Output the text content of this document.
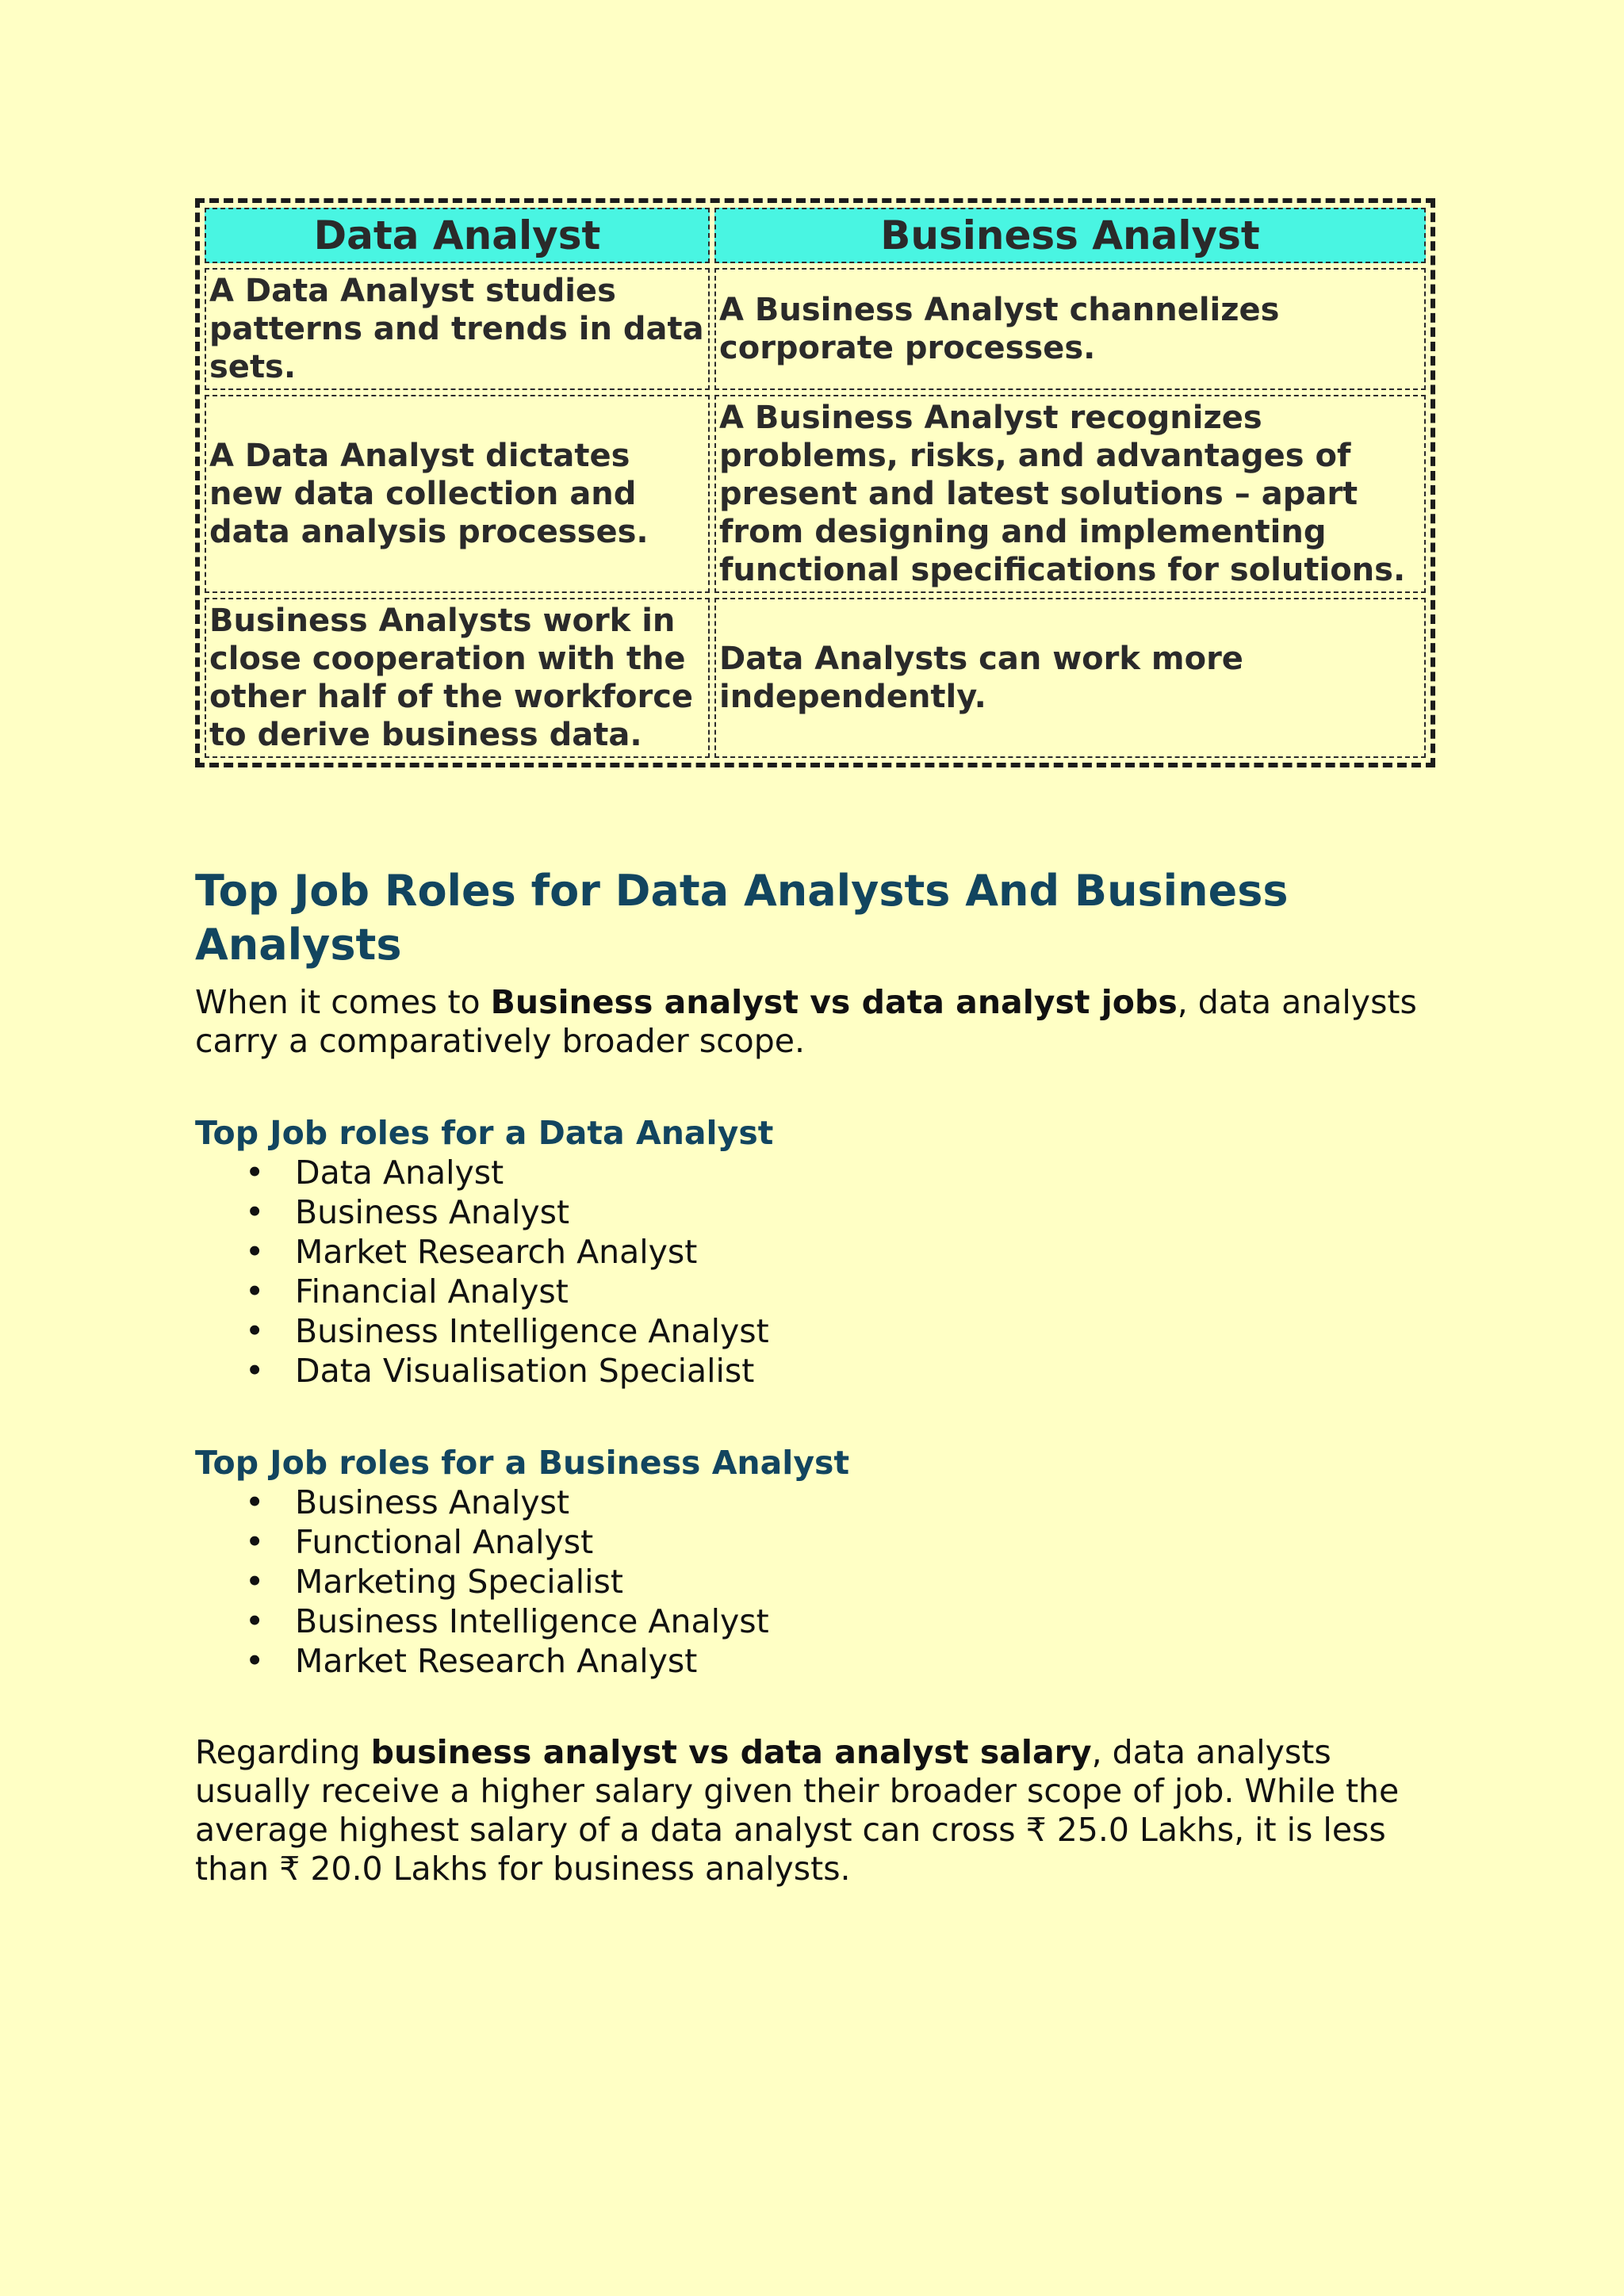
Data Analyst	Business Analyst
A Data Analyst studies patterns and trends in data sets.	A Business Analyst channelizes corporate processes.
A Data Analyst dictates new data collection and data analysis processes.	A Business Analyst recognizes problems, risks, and advantages of present and latest solutions – apart from designing and implementing functional specifications for solutions.
Business Analysts work in close cooperation with the other half of the workforce to derive business data.	Data Analysts can work more independently.
Top Job Roles for Data Analysts And Business Analysts

When it comes to Business analyst vs data analyst jobs, data analysts carry a comparatively broader scope.

Top Job roles for a Data Analyst
• Data Analyst
• Business Analyst
• Market Research Analyst
• Financial Analyst
• Business Intelligence Analyst
• Data Visualisation Specialist
Top Job roles for a Business Analyst
• Business Analyst
• Functional Analyst
• Marketing Specialist
• Business Intelligence Analyst
• Market Research Analyst

Regarding business analyst vs data analyst salary, data analysts usually receive a higher salary given their broader scope of job. While the average highest salary of a data analyst can cross ₹ 25.0 Lakhs, it is less than ₹ 20.0 Lakhs for business analysts.
